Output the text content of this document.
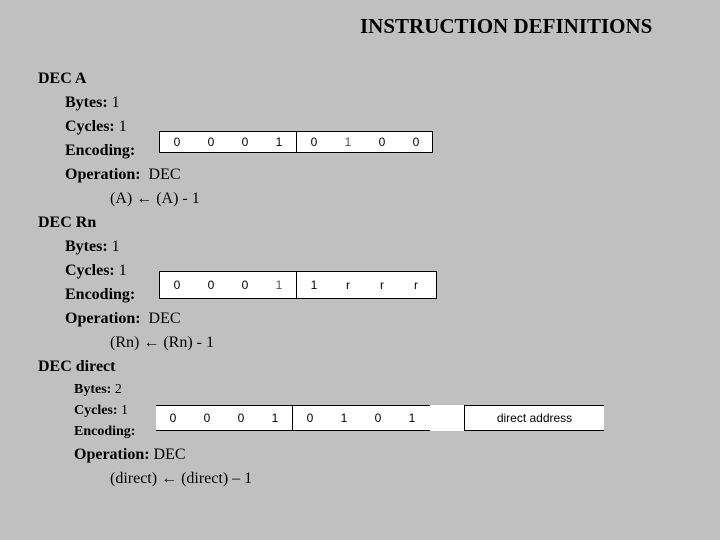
INSTRUCTION DEFINITIONS
DEC A
Bytes: 1
Cycles: 1
Encoding:	0	0	0	1	0	1	0	0
Operation: DEC
(A) ← (A) - 1
DEC Rn
Bytes: 1
Cycles: 1
Encoding:
0	0	0	1	1	r	r	r
Operation: DEC
(Rn) ← (Rn) - 1
DEC direct
Bytes: 2
Cycles: 1
Encoding:
0	0	0	1	0	1	0	1	direct address
Operation: DEC
(direct) ← (direct) – 1
